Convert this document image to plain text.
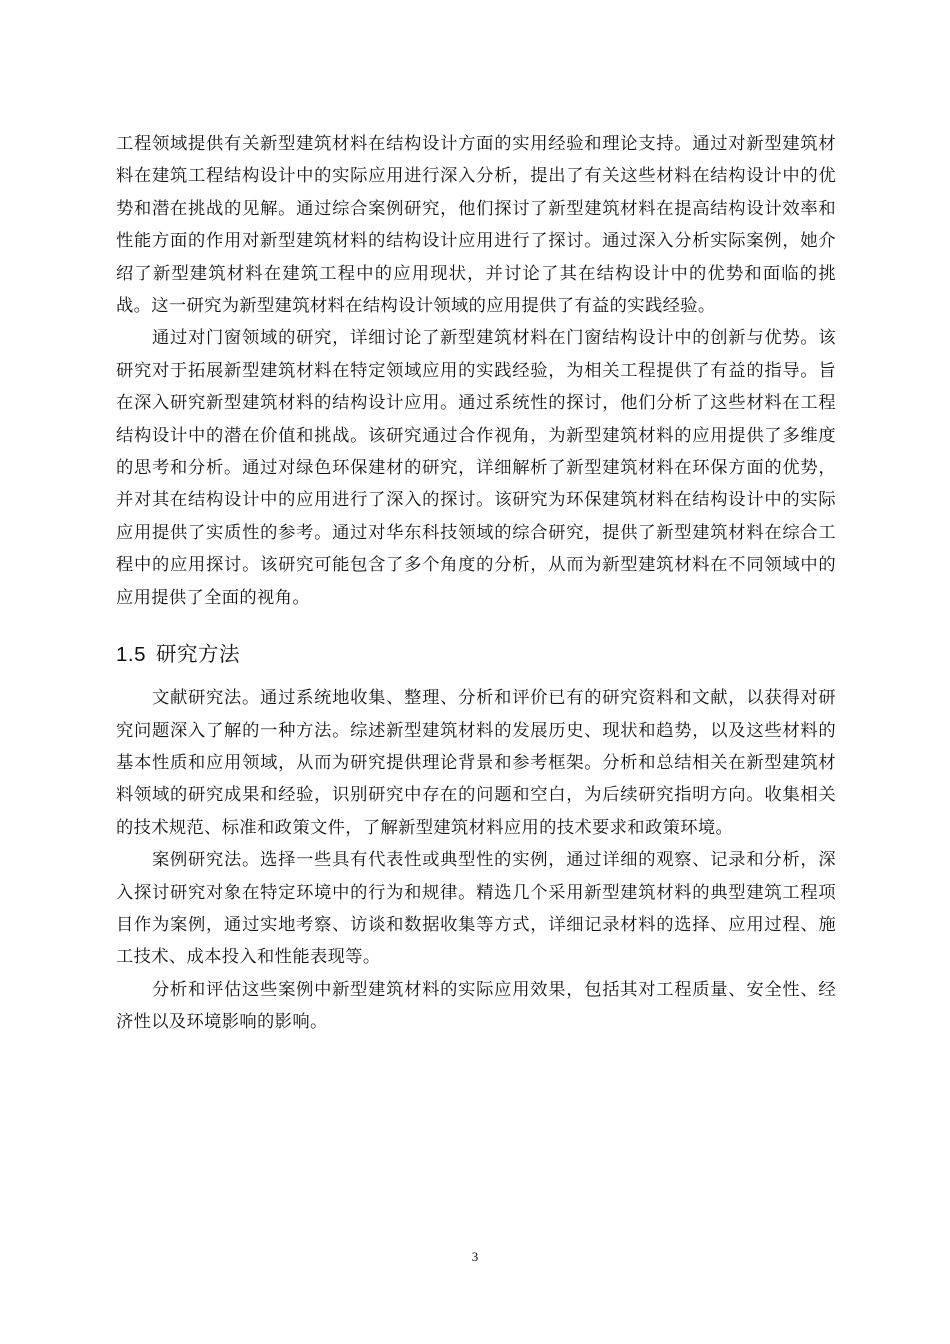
工程领域提供有关新型建筑材料在结构设计方面的实用经验和理论支持。通过对新型建筑材料在建筑工程结构设计中的实际应用进行深入分析，提出了有关这些材料在结构设计中的优势和潜在挑战的见解。通过综合案例研究，他们探讨了新型建筑材料在提高结构设计效率和性能方面的作用对新型建筑材料的结构设计应用进行了探讨。通过深入分析实际案例，她介绍了新型建筑材料在建筑工程中的应用现状，并讨论了其在结构设计中的优势和面临的挑战。这一研究为新型建筑材料在结构设计领域的应用提供了有益的实践经验。

通过对门窗领域的研究，详细讨论了新型建筑材料在门窗结构设计中的创新与优势。该研究对于拓展新型建筑材料在特定领域应用的实践经验，为相关工程提供了有益的指导。旨在深入研究新型建筑材料的结构设计应用。通过系统性的探讨，他们分析了这些材料在工程结构设计中的潜在价值和挑战。该研究通过合作视角，为新型建筑材料的应用提供了多维度的思考和分析。通过对绿色环保建材的研究，详细解析了新型建筑材料在环保方面的优势，并对其在结构设计中的应用进行了深入的探讨。该研究为环保建筑材料在结构设计中的实际应用提供了实质性的参考。通过对华东科技领域的综合研究，提供了新型建筑材料在综合工程中的应用探讨。该研究可能包含了多个角度的分析，从而为新型建筑材料在不同领域中的应用提供了全面的视角。

1.5 研究方法

文献研究法。通过系统地收集、整理、分析和评价已有的研究资料和文献，以获得对研究问题深入了解的一种方法。综述新型建筑材料的发展历史、现状和趋势，以及这些材料的基本性质和应用领域，从而为研究提供理论背景和参考框架。分析和总结相关在新型建筑材料领域的研究成果和经验，识别研究中存在的问题和空白，为后续研究指明方向。收集相关的技术规范、标准和政策文件，了解新型建筑材料应用的技术要求和政策环境。

案例研究法。选择一些具有代表性或典型性的实例，通过详细的观察、记录和分析，深入探讨研究对象在特定环境中的行为和规律。精选几个采用新型建筑材料的典型建筑工程项目作为案例，通过实地考察、访谈和数据收集等方式，详细记录材料的选择、应用过程、施工技术、成本投入和性能表现等。

分析和评估这些案例中新型建筑材料的实际应用效果，包括其对工程质量、安全性、经济性以及环境影响的影响。

3
